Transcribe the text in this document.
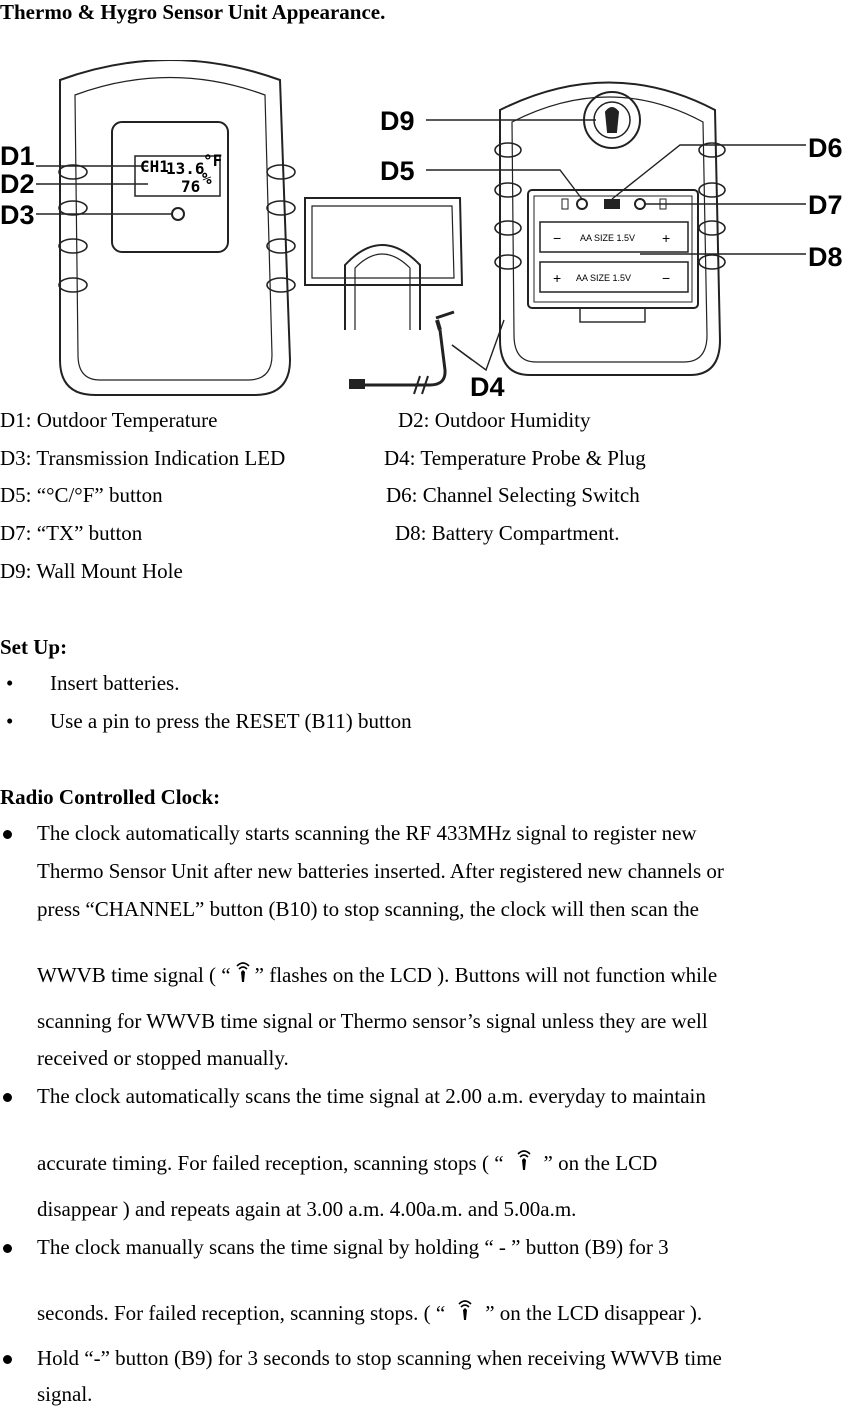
Thermo & Hygro Sensor Unit Appearance.
CH1
13.6
°F
76 %
− AA SIZE 1.5V +
+ AA SIZE 1.5V −
D1
D2
D3
D4
D5
D6
D7
D8
D9
D1: Outdoor Temperature	D2: Outdoor Humidity
D3: Transmission Indication LED	D4: Temperature Probe & Plug
D5: “°C/°F” button	D6: Channel Selecting Switch
D7: “TX” button	D8: Battery Compartment.
D9: Wall Mount Hole
Set Up:
• Insert batteries.
• Use a pin to press the RESET (B11) button
Radio Controlled Clock:
The clock automatically starts scanning the RF 433MHz signal to register new
Thermo Sensor Unit after new batteries inserted. After registered new channels or
press “CHANNEL” button (B10) to stop scanning, the clock will then scan the
WWVB time signal ( “ ” flashes on the LCD ). Buttons will not function while
scanning for WWVB time signal or Thermo sensor’s signal unless they are well
received or stopped manually.
The clock automatically scans the time signal at 2.00 a.m. everyday to maintain
accurate timing. For failed reception, scanning stops ( “ ” on the LCD
disappear ) and repeats again at 3.00 a.m. 4.00a.m. and 5.00a.m.
The clock manually scans the time signal by holding “ - ” button (B9) for 3
seconds. For failed reception, scanning stops. ( “ ” on the LCD disappear ).
Hold “-” button (B9) for 3 seconds to stop scanning when receiving WWVB time
signal.
